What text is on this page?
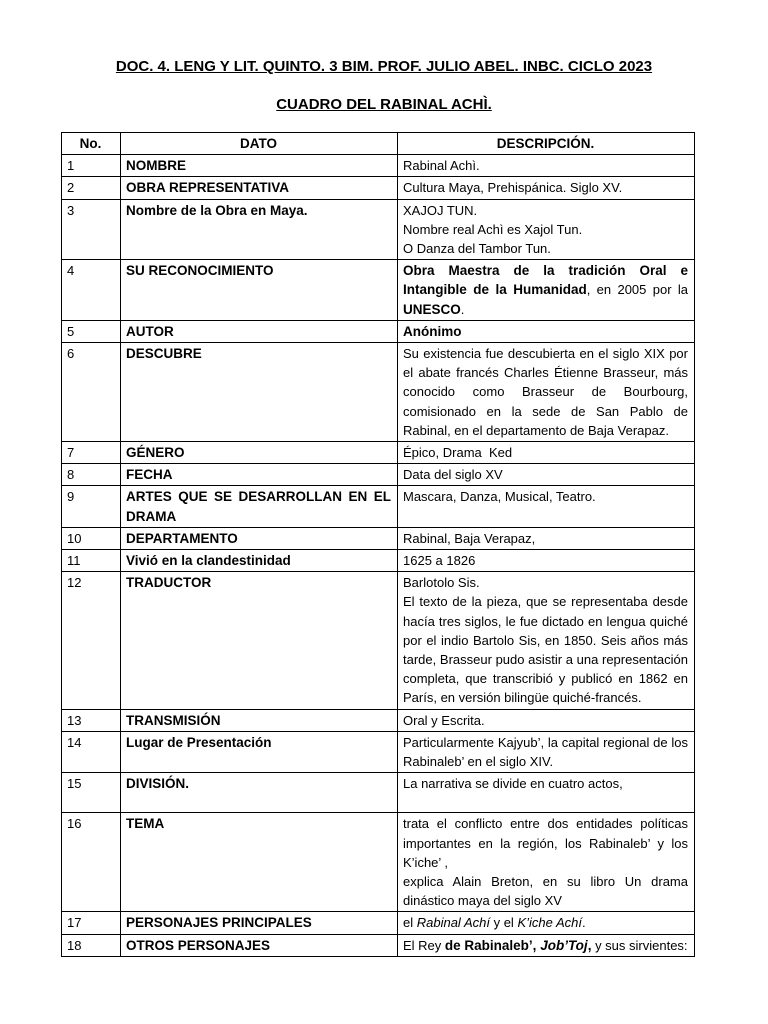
DOC. 4. LENG Y LIT. QUINTO. 3 BIM. PROF. JULIO ABEL. INBC. CICLO 2023
CUADRO DEL RABINAL ACHÌ.
No.	DATO	DESCRIPCIÓN.
1	NOMBRE	Rabinal Achì.
2	OBRA REPRESENTATIVA	Cultura Maya, Prehispánica. Siglo XV.
3	Nombre de la Obra en Maya.	XAJOJ TUN.
Nombre real Achì es Xajol Tun.
O Danza del Tambor Tun.

4	SU RECONOCIMIENTO	Obra Maestra de la tradición Oral e Intangible de la Humanidad, en 2005 por la UNESCO.
5	AUTOR	Anónimo
6	DESCUBRE	Su existencia fue descubierta en el siglo XIX por el abate francés Charles Étienne Brasseur, más conocido como Brasseur de Bourbourg, comisionado en la sede de San Pablo de Rabinal, en el departamento de Baja Verapaz.
7	GÉNERO	Épico, Drama  Ked
8	FECHA	Data del siglo XV
9	ARTES QUE SE DESARROLLAN EN EL DRAMA	Mascara, Danza, Musical, Teatro.
10	DEPARTAMENTO	Rabinal, Baja Verapaz,
11	Vivió en la clandestinidad	1625 a 1826
12	TRADUCTOR	Barlotolo Sis.
El texto de la pieza, que se representaba desde hacía tres siglos, le fue dictado en lengua quiché por el indio Bartolo Sis, en 1850. Seis años más tarde, Brasseur pudo asistir a una representación completa, que transcribió y publicó en 1862 en París, en versión bilingüe quiché-francés.

13	TRANSMISIÓN	Oral y Escrita.
14	Lugar de Presentación	Particularmente Kajyub’, la capital regional de los Rabinaleb’ en el siglo XIV.
15	DIVISIÓN.	La narrativa se divide en cuatro actos,
16	TEMA	trata el conflicto entre dos entidades políticas importantes en la región, los Rabinaleb’ y los K’iche’ ,
explica Alain Breton, en su libro Un drama dinástico maya del siglo XV

17	PERSONAJES PRINCIPALES	el Rabinal Achí y el K’iche Achí.
18	OTROS PERSONAJES	El Rey de Rabinaleb’, Job’Toj, y sus sirvientes:
